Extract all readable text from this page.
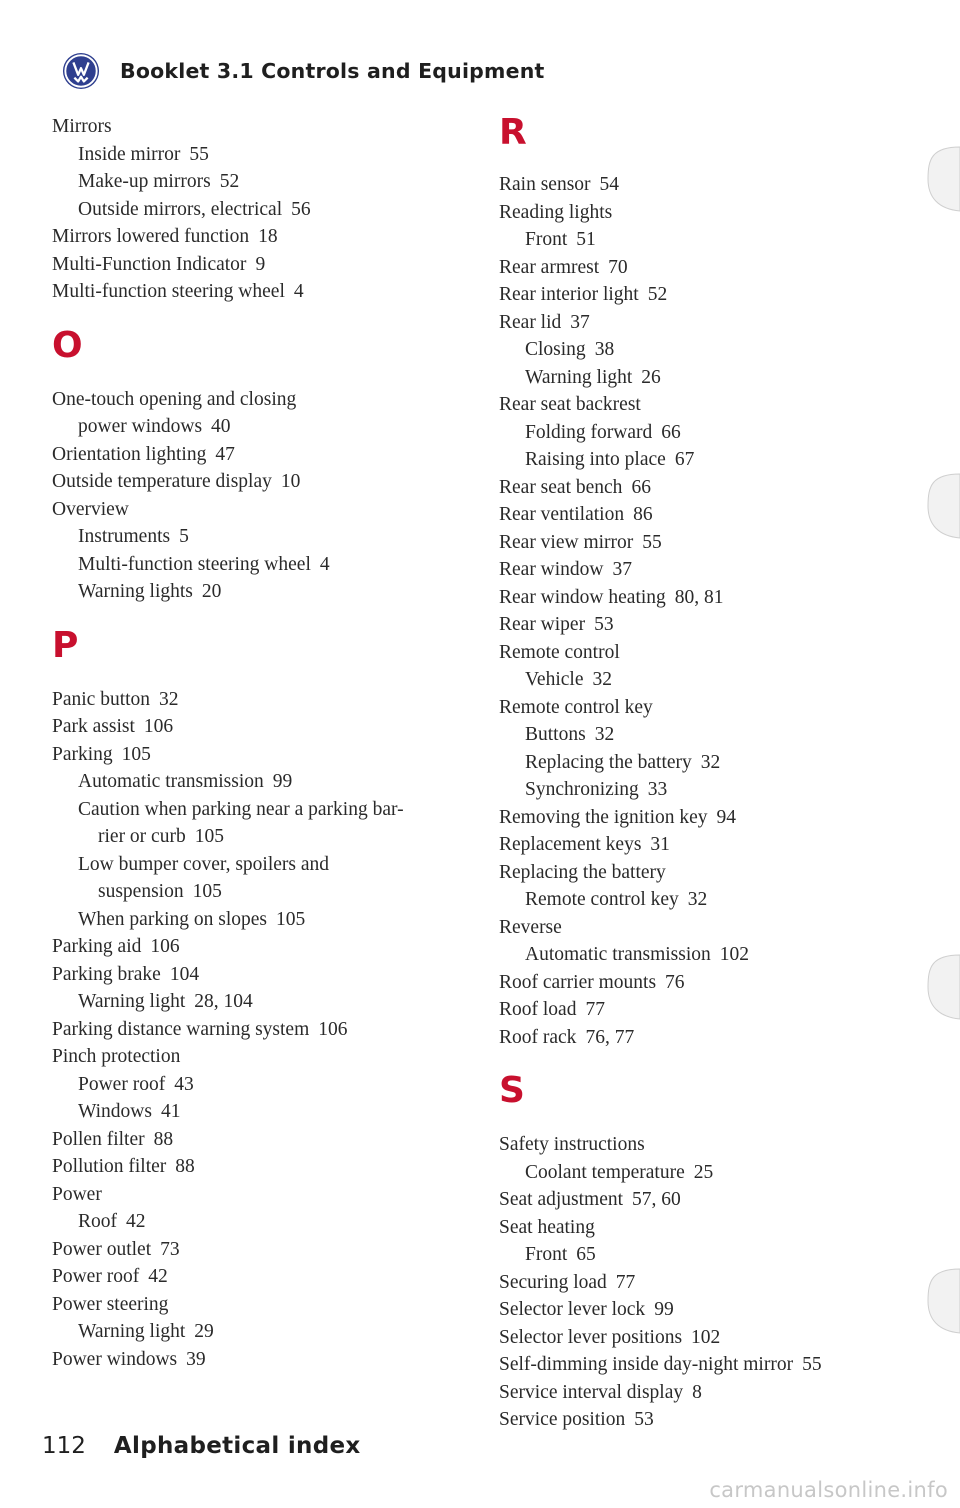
Booklet 3.1 Controls and Equipment
Mirrors
Inside mirror 55
Make-up mirrors 52
Outside mirrors, electrical 56
Mirrors lowered function 18
Multi-Function Indicator 9
Multi-function steering wheel 4
O
One-touch opening and closing
power windows 40
Orientation lighting 47
Outside temperature display 10
Overview
Instruments 5
Multi-function steering wheel 4
Warning lights 20
P
Panic button 32
Park assist 106
Parking 105
Automatic transmission 99
Caution when parking near a parking bar-
rier or curb 105
Low bumper cover, spoilers and
suspension 105
When parking on slopes 105
Parking aid 106
Parking brake 104
Warning light 28, 104
Parking distance warning system 106
Pinch protection
Power roof 43
Windows 41
Pollen filter 88
Pollution filter 88
Power
Roof 42
Power outlet 73
Power roof 42
Power steering
Warning light 29
Power windows 39
R
Rain sensor 54
Reading lights
Front 51
Rear armrest 70
Rear interior light 52
Rear lid 37
Closing 38
Warning light 26
Rear seat backrest
Folding forward 66
Raising into place 67
Rear seat bench 66
Rear ventilation 86
Rear view mirror 55
Rear window 37
Rear window heating 80, 81
Rear wiper 53
Remote control
Vehicle 32
Remote control key
Buttons 32
Replacing the battery 32
Synchronizing 33
Removing the ignition key 94
Replacement keys 31
Replacing the battery
Remote control key 32
Reverse
Automatic transmission 102
Roof carrier mounts 76
Roof load 77
Roof rack 76, 77
S
Safety instructions
Coolant temperature 25
Seat adjustment 57, 60
Seat heating
Front 65
Securing load 77
Selector lever lock 99
Selector lever positions 102
Self-dimming inside day-night mirror 55
Service interval display 8
Service position 53
112 Alphabetical index
carmanualsonline.info
